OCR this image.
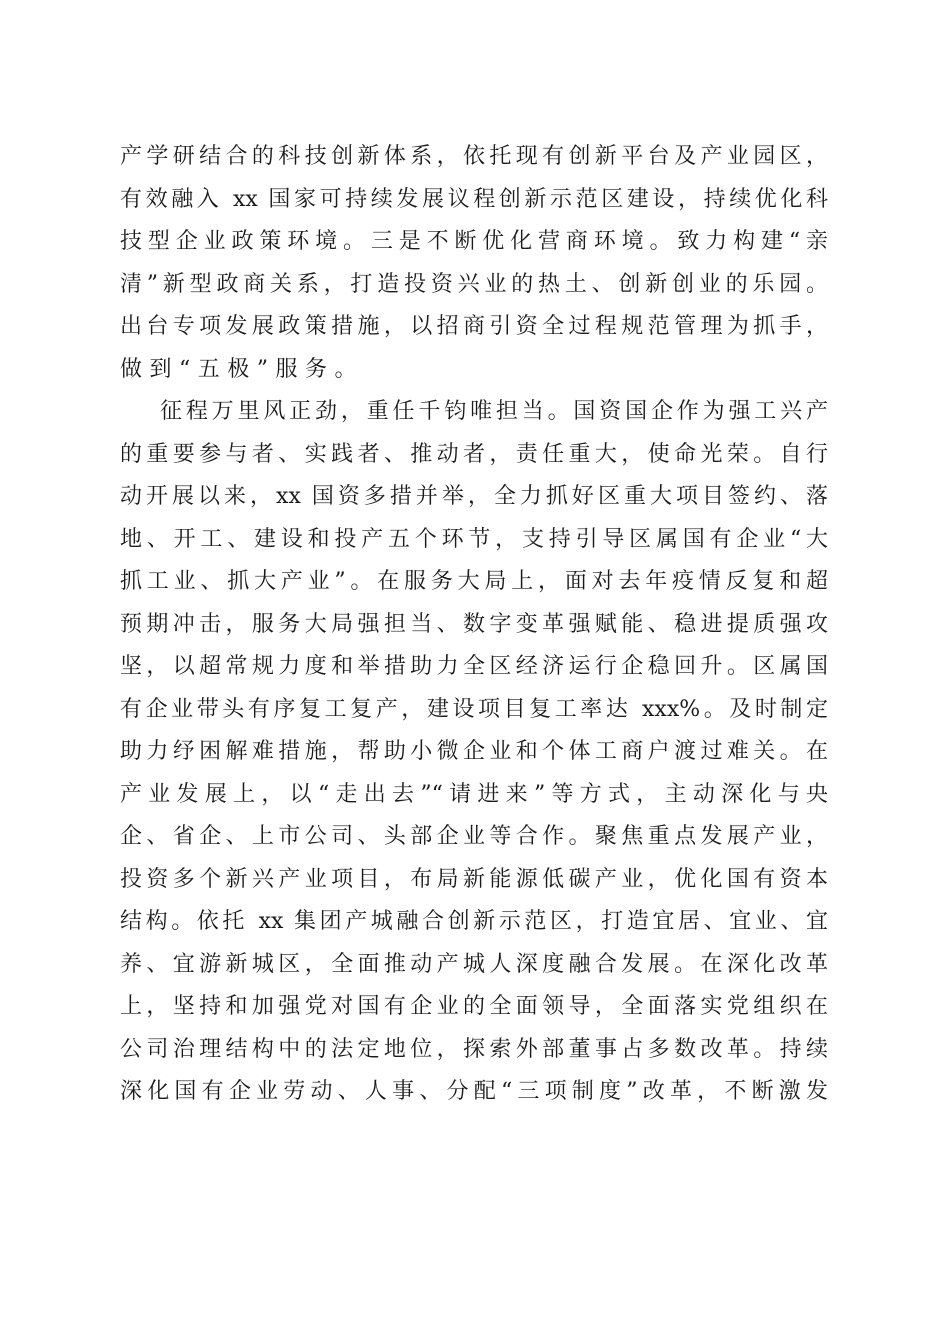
产学研结合的科技创新体系，依托现有创新平台及产业园区，
有效融入 xx 国家可持续发展议程创新示范区建设，持续优化科
技型企业政策环境。三是不断优化营商环境。致力构建“亲
清”新型政商关系，打造投资兴业的热土、创新创业的乐园。
出台专项发展政策措施，以招商引资全过程规范管理为抓手，
做到“五极”服务。
征程万里风正劲，重任千钧唯担当。国资国企作为强工兴产
的重要参与者、实践者、推动者，责任重大，使命光荣。自行
动开展以来，xx 国资多措并举，全力抓好区重大项目签约、落
地、开工、建设和投产五个环节，支持引导区属国有企业“大
抓工业、抓大产业”。在服务大局上，面对去年疫情反复和超
预期冲击，服务大局强担当、数字变革强赋能、稳进提质强攻
坚，以超常规力度和举措助力全区经济运行企稳回升。区属国
有企业带头有序复工复产，建设项目复工率达 xxx%。及时制定
助力纾困解难措施，帮助小微企业和个体工商户渡过难关。在
产业发展上，以“走出去”“请进来”等方式，主动深化与央
企、省企、上市公司、头部企业等合作。聚焦重点发展产业，
投资多个新兴产业项目，布局新能源低碳产业，优化国有资本
结构。依托 xx 集团产城融合创新示范区，打造宜居、宜业、宜
养、宜游新城区，全面推动产城人深度融合发展。在深化改革
上，坚持和加强党对国有企业的全面领导，全面落实党组织在
公司治理结构中的法定地位，探索外部董事占多数改革。持续
深化国有企业劳动、人事、分配“三项制度”改革，不断激发
